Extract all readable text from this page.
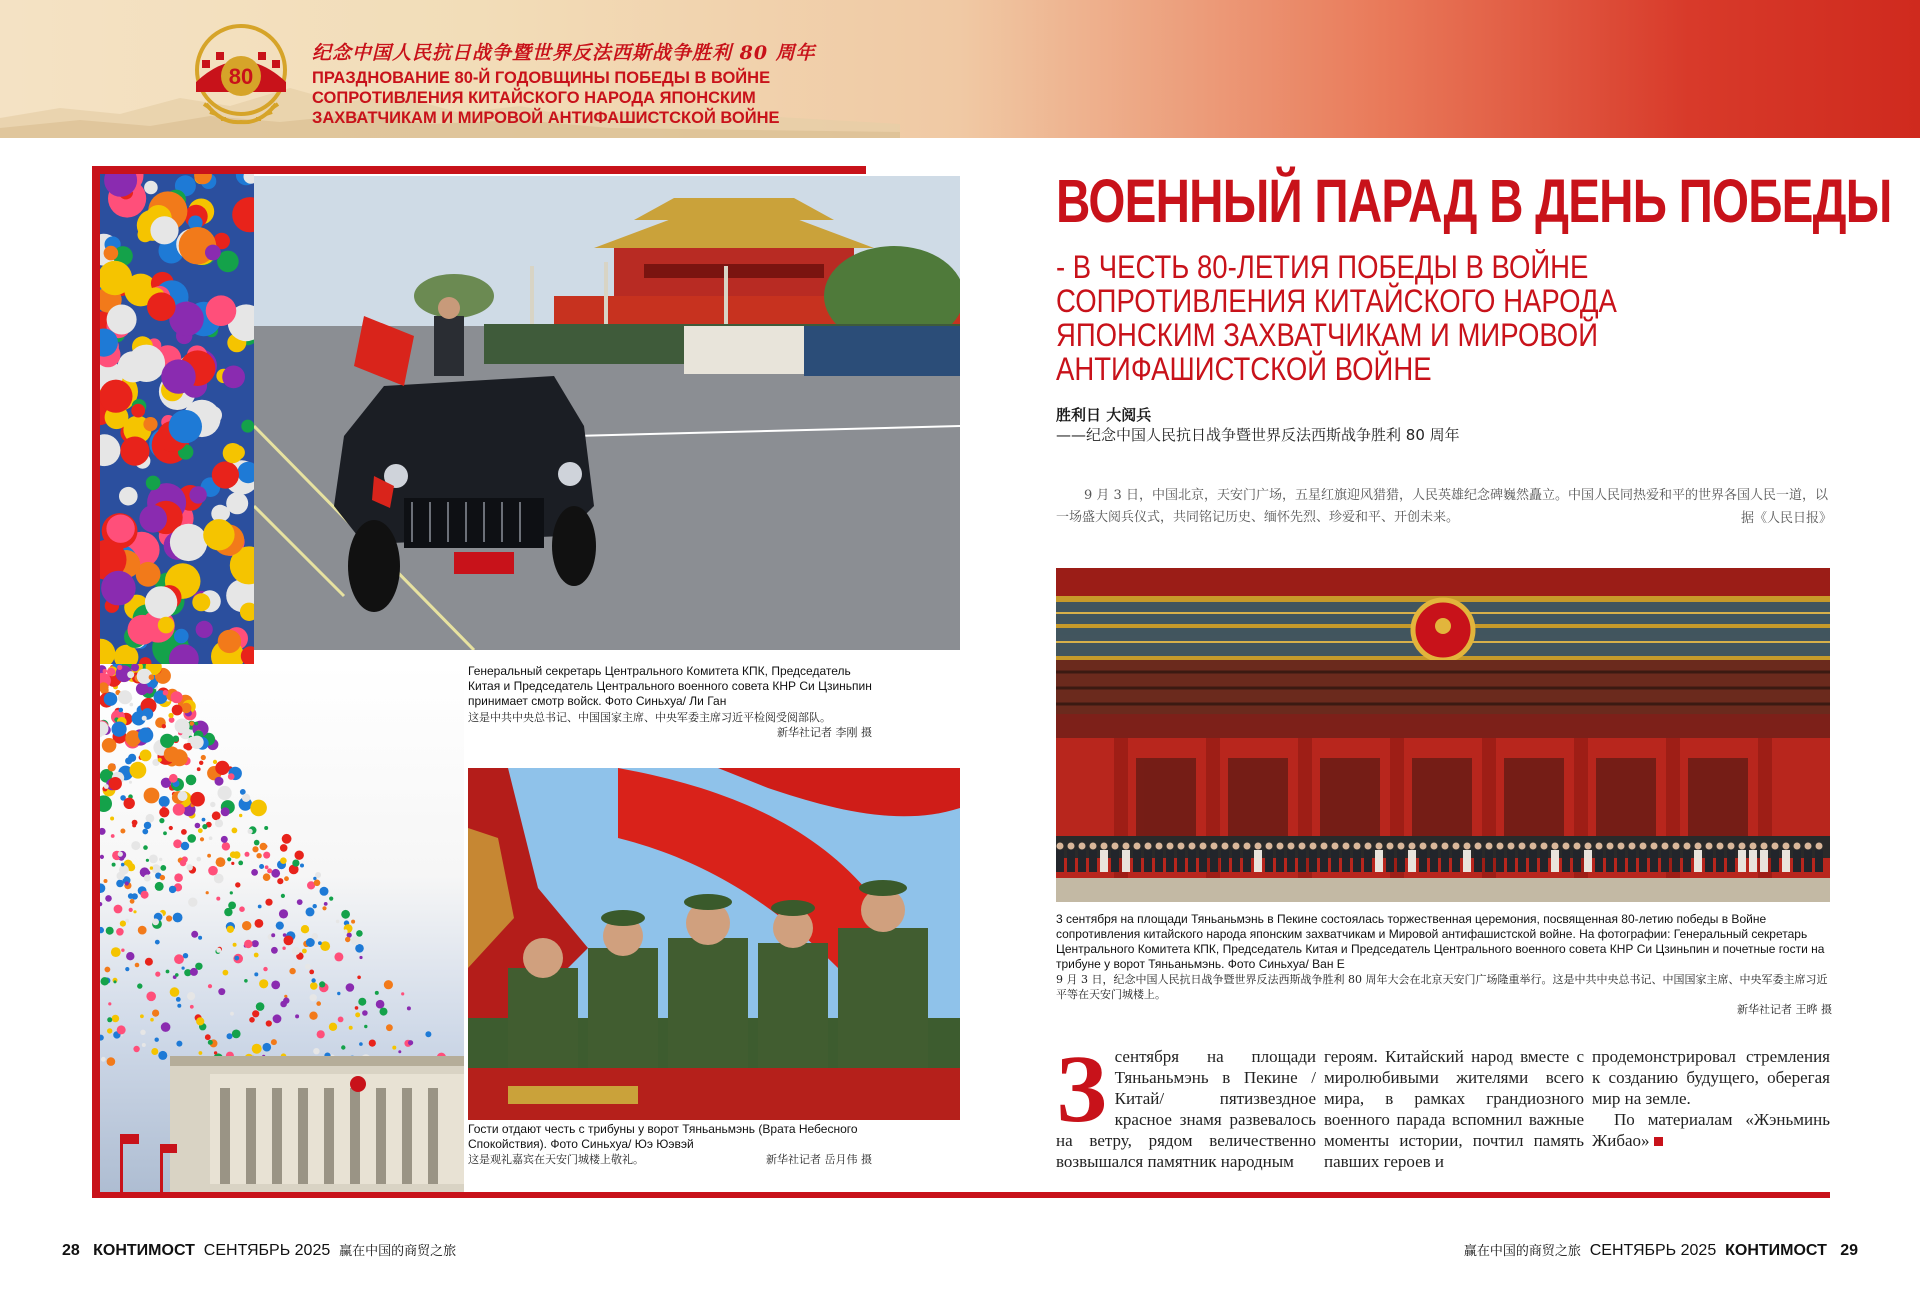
80
纪念中国人民抗日战争暨世界反法西斯战争胜利 80 周年
ПРАЗДНОВАНИЕ 80-Й ГОДОВЩИНЫ ПОБЕДЫ В ВОЙНЕ
СОПРОТИВЛЕНИЯ КИТАЙСКОГО НАРОДА ЯПОНСКИМ
ЗАХВАТЧИКАМ И МИРОВОЙ АНТИФАШИСТСКОЙ ВОЙНЕ
Генеральный секретарь Центрального Комитета КПК, Председатель Китая и Председатель Центрального военного совета КНР Си Цзиньпин принимает смотр войск. Фото Синьхуа/ Ли Ган
这是中共中央总书记、中国国家主席、中央军委主席习近平检阅受阅部队。
新华社记者 李刚 摄
Гости отдают честь с трибуны у ворот Тяньаньмэнь (Врата Небесного Спокойствия). Фото Синьхуа/ Юэ Юэвэй
这是观礼嘉宾在天安门城楼上敬礼。	新华社记者 岳月伟 摄
ВОЕННЫЙ ПАРАД В ДЕНЬ ПОБЕДЫ
- В ЧЕСТЬ 80-ЛЕТИЯ ПОБЕДЫ В ВОЙНЕ
СОПРОТИВЛЕНИЯ КИТАЙСКОГО НАРОДА
ЯПОНСКИМ ЗАХВАТЧИКАМ И МИРОВОЙ
АНТИФАШИСТСКОЙ ВОЙНЕ
胜利日 大阅兵
——纪念中国人民抗日战争暨世界反法西斯战争胜利 80 周年
9 月 3 日，中国北京，天安门广场，五星红旗迎风猎猎，人民英雄纪念碑巍然矗立。中国人民同热爱和平的世界各国人民一道，以一场盛大阅兵仪式，共同铭记历史、缅怀先烈、珍爱和平、开创未来。	据《人民日报》
3 сентября на площади Тяньаньмэнь в Пекине состоялась торжественная церемония, посвященная 80-летию победы в Войне сопротивления китайского народа японским захватчикам и Мировой антифашистской войне. На фотографии: Генеральный секретарь Центрального Комитета КПК, Председатель Китая и Председатель Центрального военного совета КНР Си Цзиньпин и почетные гости на трибуне у ворот Тяньаньмэнь. Фото Синьхуа/ Ван Е
9 月 3 日，纪念中国人民抗日战争暨世界反法西斯战争胜利 80 周年大会在北京天安门广场隆重举行。这是中共中央总书记、中国国家主席、中央军委主席习近平等在天安门城楼上。
新华社记者 王晔 摄
З сентября на площади Тяньаньмэнь в Пекине /Китай/ пятизвездное красное знамя развевалось на ветру, рядом величественно возвышался памятник народным
героям. Китайский народ вместе с миролюбивыми жителями всего мира, в рамках грандиозного военного парада вспомнил важные моменты истории, почтил память павших героев и
продемонстрировал стремления к созданию будущего, оберегая мир на земле.
По материалам «Жэньминь Жибао»
28 КОНТИМОСТ СЕНТЯБРЬ 2025 赢在中国的商贸之旅	赢在中国的商贸之旅 СЕНТЯБРЬ 2025 КОНТИМОСТ 29
